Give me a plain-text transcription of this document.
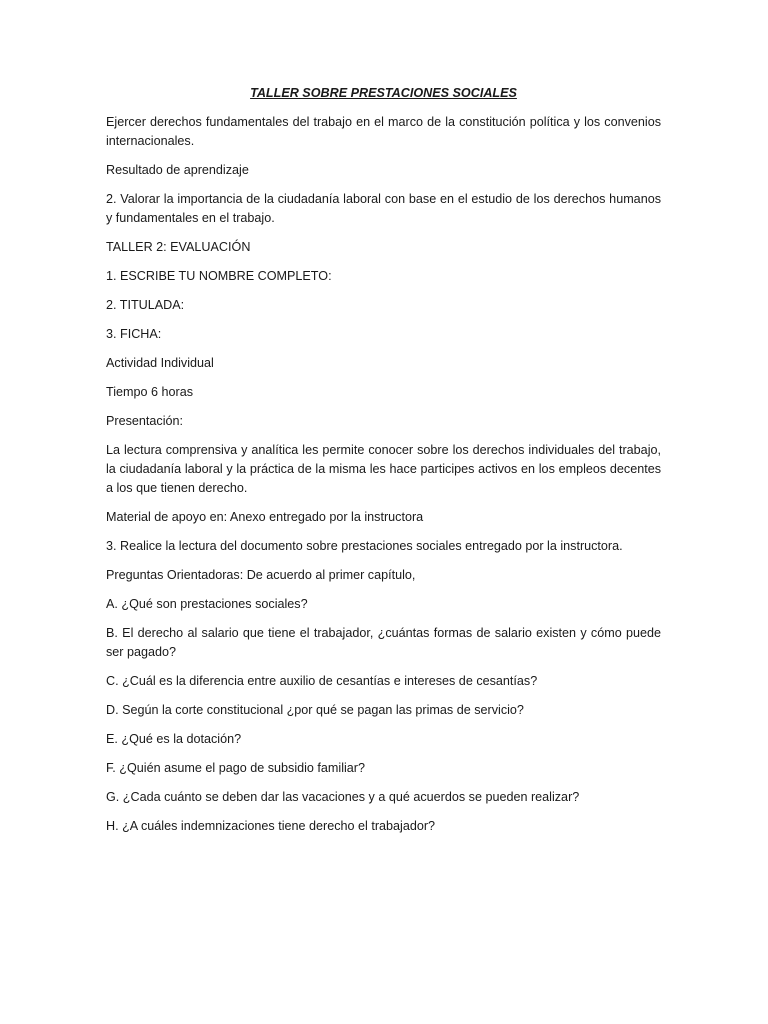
TALLER SOBRE PRESTACIONES SOCIALES

Ejercer derechos fundamentales del trabajo en el marco de la constitución política y los convenios internacionales.

Resultado de aprendizaje

2. Valorar la importancia de la ciudadanía laboral con base en el estudio de los derechos humanos y fundamentales en el trabajo.

TALLER 2: EVALUACIÓN

1. ESCRIBE TU NOMBRE COMPLETO:

2. TITULADA:

3. FICHA:

Actividad Individual

Tiempo 6 horas

Presentación:

La lectura comprensiva y analítica les permite conocer sobre los derechos individuales del trabajo, la ciudadanía laboral y la práctica de la misma les hace participes activos en los empleos decentes a los que tienen derecho.

Material de apoyo en: Anexo entregado por la instructora

3. Realice la lectura del documento sobre prestaciones sociales entregado por la instructora.

Preguntas Orientadoras: De acuerdo al primer capítulo,

A. ¿Qué son prestaciones sociales?

B. El derecho al salario que tiene el trabajador, ¿cuántas formas de salario existen y cómo puede ser pagado?

C. ¿Cuál es la diferencia entre auxilio de cesantías e intereses de cesantías?

D. Según la corte constitucional ¿por qué se pagan las primas de servicio?

E. ¿Qué es la dotación?

F. ¿Quién asume el pago de subsidio familiar?

G. ¿Cada cuánto se deben dar las vacaciones y a qué acuerdos se pueden realizar?

H. ¿A cuáles indemnizaciones tiene derecho el trabajador?
